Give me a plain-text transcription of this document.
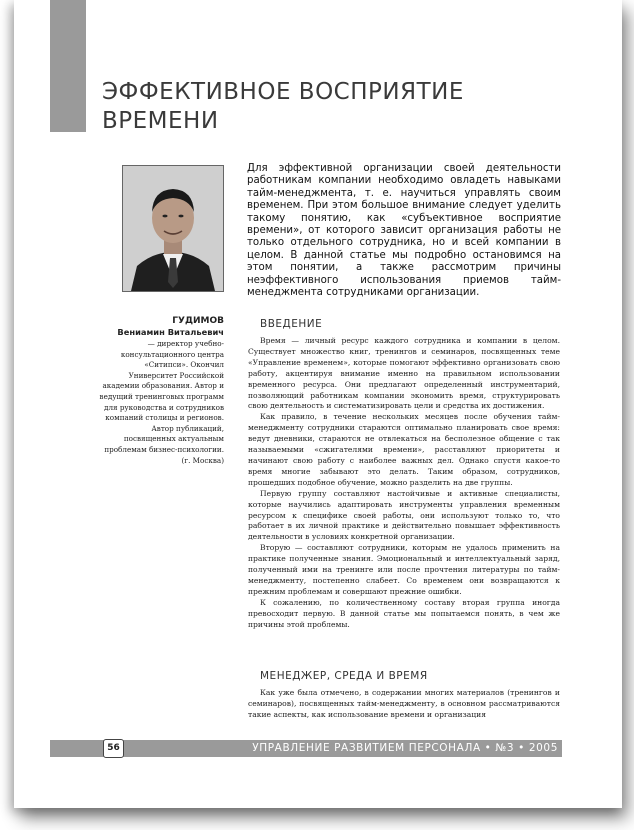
ЭФФЕКТИВНОЕ ВОСПРИЯТИЕ ВРЕМЕНИ

Для эффективной организации своей деятельности работникам компании необходимо овладеть навыками тайм-менеджмента, т. е. научиться управлять своим временем. При этом большое внимание следует уделить такому понятию, как «субъективное восприятие времени», от которого зависит организация работы не только отдельного сотрудника, но и всей компании в целом. В данной статье мы подробно остановимся на этом понятии, а также рассмотрим причины неэффективного использования приемов тайм-менеджмента сотрудниками организации.

ГУДИМОВ
Вениамин Витальевич
— директор учебно-консультационного центра «Ситипси». Окончил Университет Российской академии образования. Автор и ведущий тренинговых программ для руководства и сотрудников компаний столицы и регионов. Автор публикаций, посвященных актуальным проблемам бизнес-психологии. (г. Москва)
ВВЕДЕНИЕ

Время — личный ресурс каждого сотрудника и компании в целом. Существует множество книг, тренингов и семинаров, посвященных теме «Управление временем», которые помогают эффективно организовать свою работу, акцентируя внимание именно на правильном использовании временного ресурса. Они предлагают определенный инструментарий, позволяющий работникам компании экономить время, структурировать свою деятельность и систематизировать цели и средства их достижения.

Как правило, в течение нескольких месяцев после обучения тайм-менеджменту сотрудники стараются оптимально планировать свое время: ведут дневники, стараются не отвлекаться на бесполезное общение с так называемыми «сжигателями времени», расставляют приоритеты и начинают свою работу с наиболее важных дел. Однако спустя какое-то время многие забывают это делать. Таким образом, сотрудников, прошедших подобное обучение, можно разделить на две группы.

Первую группу составляют настойчивые и активные специалисты, которые научились адаптировать инструменты управления временным ресурсом к специфике своей работы, они используют только то, что работает в их личной практике и действительно повышает эффективность деятельности в условиях конкретной организации.

Вторую — составляют сотрудники, которым не удалось применить на практике полученные знания. Эмоциональный и интеллектуальный заряд, полученный ими на тренинге или после прочтения литературы по тайм-менеджменту, постепенно слабеет. Со временем они возвращаются к прежним проблемам и совершают прежние ошибки.

К сожалению, по количественному составу вторая группа иногда превосходит первую. В данной статье мы попытаемся понять, в чем же причины этой проблемы.

МЕНЕДЖЕР, СРЕДА И ВРЕМЯ

Как уже была отмечено, в содержании многих материалов (тренингов и семинаров), посвященных тайм-менеджменту, в основном рассматриваются такие аспекты, как использование времени и организация

56	УПРАВЛЕНИЕ РАЗВИТИЕМ ПЕРСОНАЛА • №3 • 2005
